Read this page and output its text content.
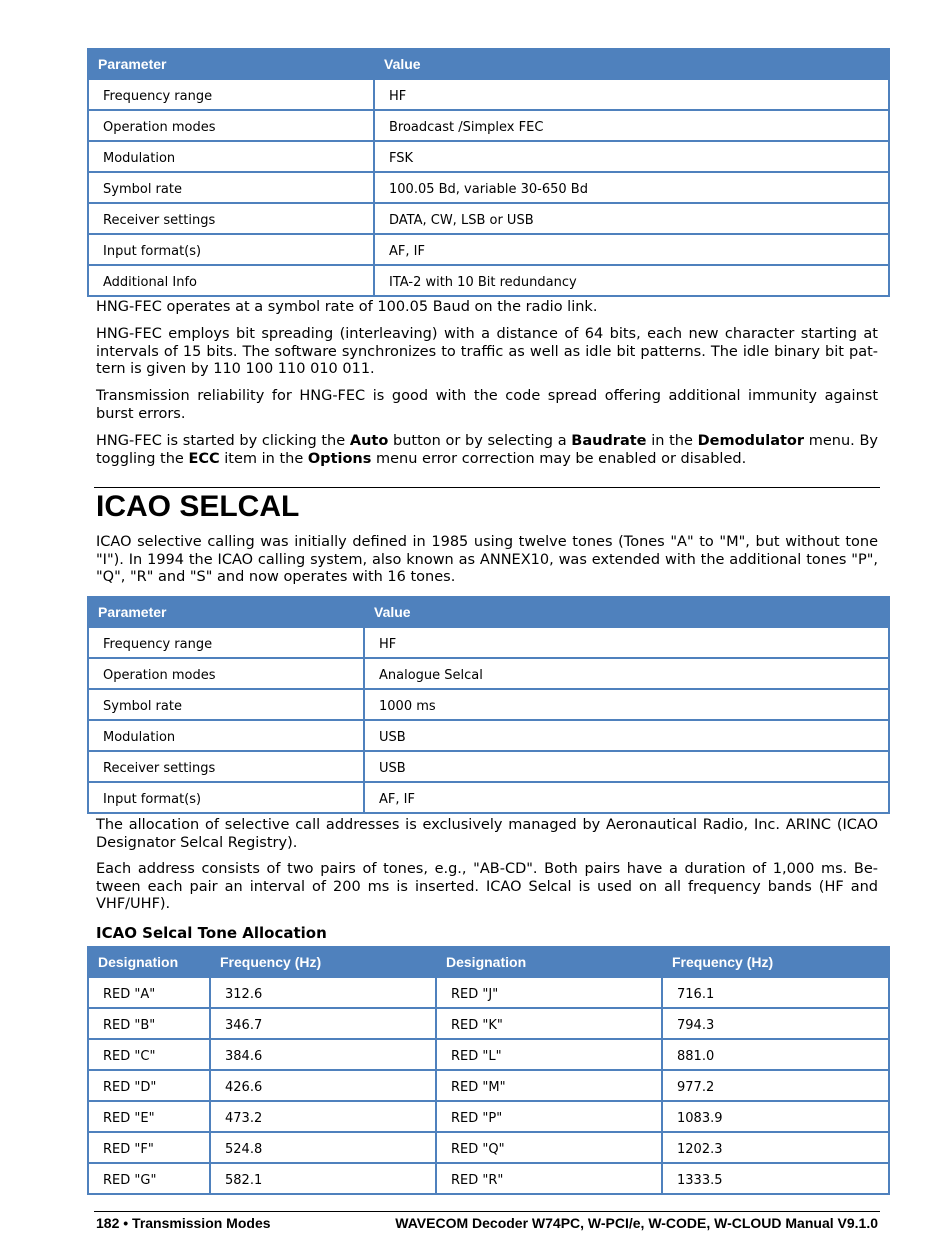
Parameter	Value
Frequency range	HF
Operation modes	Broadcast /Simplex FEC
Modulation	FSK
Symbol rate	100.05 Bd, variable 30-650 Bd
Receiver settings	DATA, CW, LSB or USB
Input format(s)	AF, IF
Additional Info	ITA-2 with 10 Bit redundancy

HNG-FEC operates at a symbol rate of 100.05 Baud on the radio link.

HNG-FEC employs bit spreading (interleaving) with a distance of 64 bits, each new character starting at intervals of 15 bits. The software synchronizes to traffic as well as idle bit patterns. The idle binary bit pat-tern is given by 110 100 110 010 011.

Transmission reliability for HNG-FEC is good with the code spread offering additional immunity against burst errors.

HNG-FEC is started by clicking the Auto button or by selecting a Baudrate in the Demodulator menu. By toggling the ECC item in the Options menu error correction may be enabled or disabled.

ICAO SELCAL

ICAO selective calling was initially defined in 1985 using twelve tones (Tones "A" to "M", but without tone "I"). In 1994 the ICAO calling system, also known as ANNEX10, was extended with the additional tones "P", "Q", "R" and "S" and now operates with 16 tones.

Parameter	Value
Frequency range	HF
Operation modes	Analogue Selcal
Symbol rate	1000 ms
Modulation	USB
Receiver settings	USB
Input format(s)	AF, IF

The allocation of selective call addresses is exclusively managed by Aeronautical Radio, Inc. ARINC (ICAO Designator Selcal Registry).

Each address consists of two pairs of tones, e.g., "AB-CD". Both pairs have a duration of 1,000 ms. Be-tween each pair an interval of 200 ms is inserted. ICAO Selcal is used on all frequency bands (HF and VHF/UHF).

ICAO Selcal Tone Allocation
Designation	Frequency (Hz)	Designation	Frequency (Hz)
RED "A"	312.6	RED "J"	716.1
RED "B"	346.7	RED "K"	794.3
RED "C"	384.6	RED "L"	881.0
RED "D"	426.6	RED "M"	977.2
RED "E"	473.2	RED "P"	1083.9
RED "F"	524.8	RED "Q"	1202.3
RED "G"	582.1	RED "R"	1333.5
182 • Transmission Modes	WAVECOM Decoder W74PC, W-PCI/e, W-CODE, W-CLOUD Manual V9.1.0
